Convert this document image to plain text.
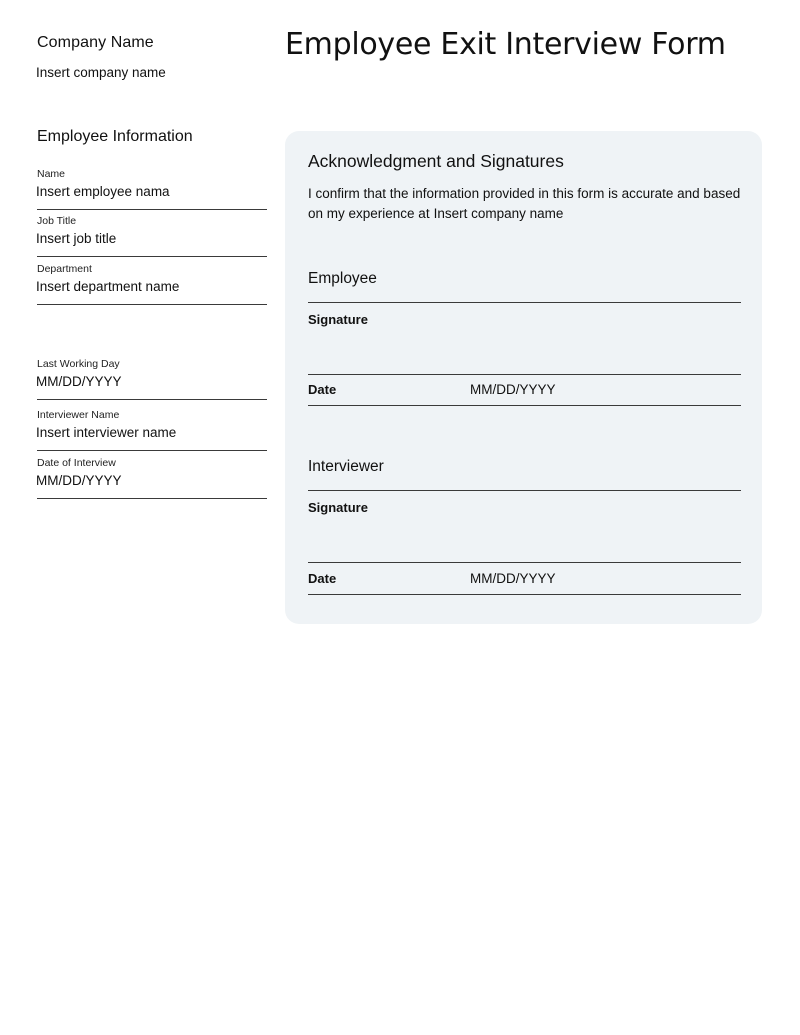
Company Name
Insert company name
Employee Exit Interview Form
Employee Information
Name
Insert employee nama
Job Title
Insert job title
Department
Insert department name
Last Working Day
MM/DD/YYYY
Interviewer Name
Insert interviewer name
Date of Interview
MM/DD/YYYY
Acknowledgment and Signatures

I confirm that the information provided in this form is accurate and based on my experience at Insert company name

Employee
Signature
Date	MM/DD/YYYY
Interviewer
Signature
Date	MM/DD/YYYY
